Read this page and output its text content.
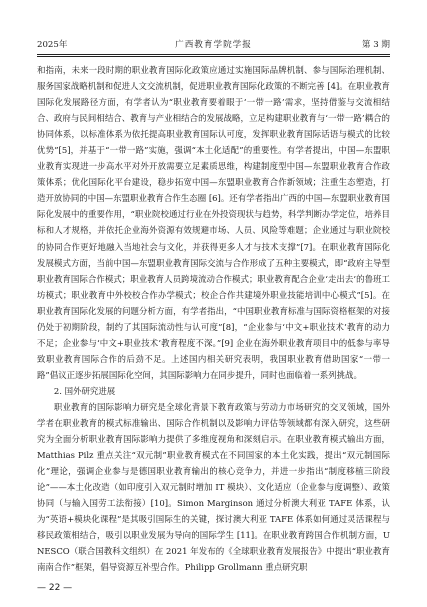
2025年	广西教育学院学报	第 3 期

和指南，未来一段时期的职业教育国际化政策应通过实施国际品牌机制、参与国际治理机制、服务国家战略机制和促进人文交流机制，促进职业教育国际化政策的不断完善 [4]。在职业教育国际化发展路径方面，有学者认为“职业教育要着眼于‘一带一路’需求，坚持借鉴与交流相结合、政府与民间相结合、教育与产业相结合的发展战略，立足构建职业教育与‘一带一路’耦合的协同体系，以标准体系为依托提高职业教育国际认可度，发挥职业教育国际话语与模式的比较优势”[5]，并基于“一带一路”实施，强调“本土化适配”的重要性。有学者提出，中国—东盟职业教育实现进一步高水平对外开放需要立足素质思维，构建制度型中国—东盟职业教育合作政策体系；优化国际化平台建设，稳步拓宽中国—东盟职业教育合作新领域；注重生态塑造，打造开放协同的中国—东盟职业教育合作生态圈 [6]。还有学者指出广西的中国—东盟职业教育国际化发展中的重要作用，“职业院校通过行业在外投资现状与趋势，科学判断办学定位，培养目标和人才规格，并依托企业海外资源有效规避市场、人员、风险等难题；企业通过与职业院校的协同合作更好地融入当地社会与文化，并获得更多人才与技术支撑”[7]。在职业教育国际化发展模式方面，当前中国—东盟职业教育国际交流与合作形成了五种主要模式，即“政府主导型职业教育国际合作模式；职业教育人员跨境流动合作模式；职业教育配合企业‘走出去’的鲁班工坊模式；职业教育中外校校合作办学模式；校企合作共建境外职业技能培训中心模式”[5]。在职业教育国际化发展的问题分析方面，有学者指出，“中国职业教育标准与国际资格框架的对接仍处于初期阶段，制约了其国际流动性与认可度”[8]，“企业参与‘中文+职业技术’教育的动力不足；企业参与‘中文+职业技术’教育程度不深。”[9] 企业在海外职业教育项目中的低参与率导致职业教育国际合作的后劲不足。上述国内相关研究表明，我国职业教育借助国家“一带一路”倡议正逐步拓展国际化空间，其国际影响力在同步提升，同时也面临着一系列挑战。

2. 国外研究进展

职业教育的国际影响力研究是全球化背景下教育政策与劳动力市场研究的交叉领域，国外学者在职业教育的模式标准输出、国际合作机制以及影响力评估等领域都有深入研究，这些研究为全面分析职业教育国际影响力提供了多维度视角和深刻启示。在职业教育模式输出方面，Matthias Pilz 重点关注“双元制”职业教育模式在不同国家的本土化实践，提出“双元制国际化”理论，强调企业参与是德国职业教育输出的核心竞争力，并进一步指出“制度移植三阶段论”——本土化改造（如印度引入双元制时增加 IT 模块）、文化适应（企业参与度调整）、政策协同（与输入国劳工法衔接）[10]。Simon Marginson 通过分析澳大利亚 TAFE 体系，认为“英语+模块化课程”是其吸引国际生的关键，探讨澳大利亚 TAFE 体系如何通过灵活课程与移民政策相结合，吸引以职业发展为导向的国际学生 [11]。在职业教育跨国合作机制方面，UNESCO（联合国教科文组织）在 2021 年发布的《全球职业教育发展报告》中提出“职业教育南南合作”框架，倡导资源互补型合作。Philipp Grollmann 重点研究职

— 22 —
